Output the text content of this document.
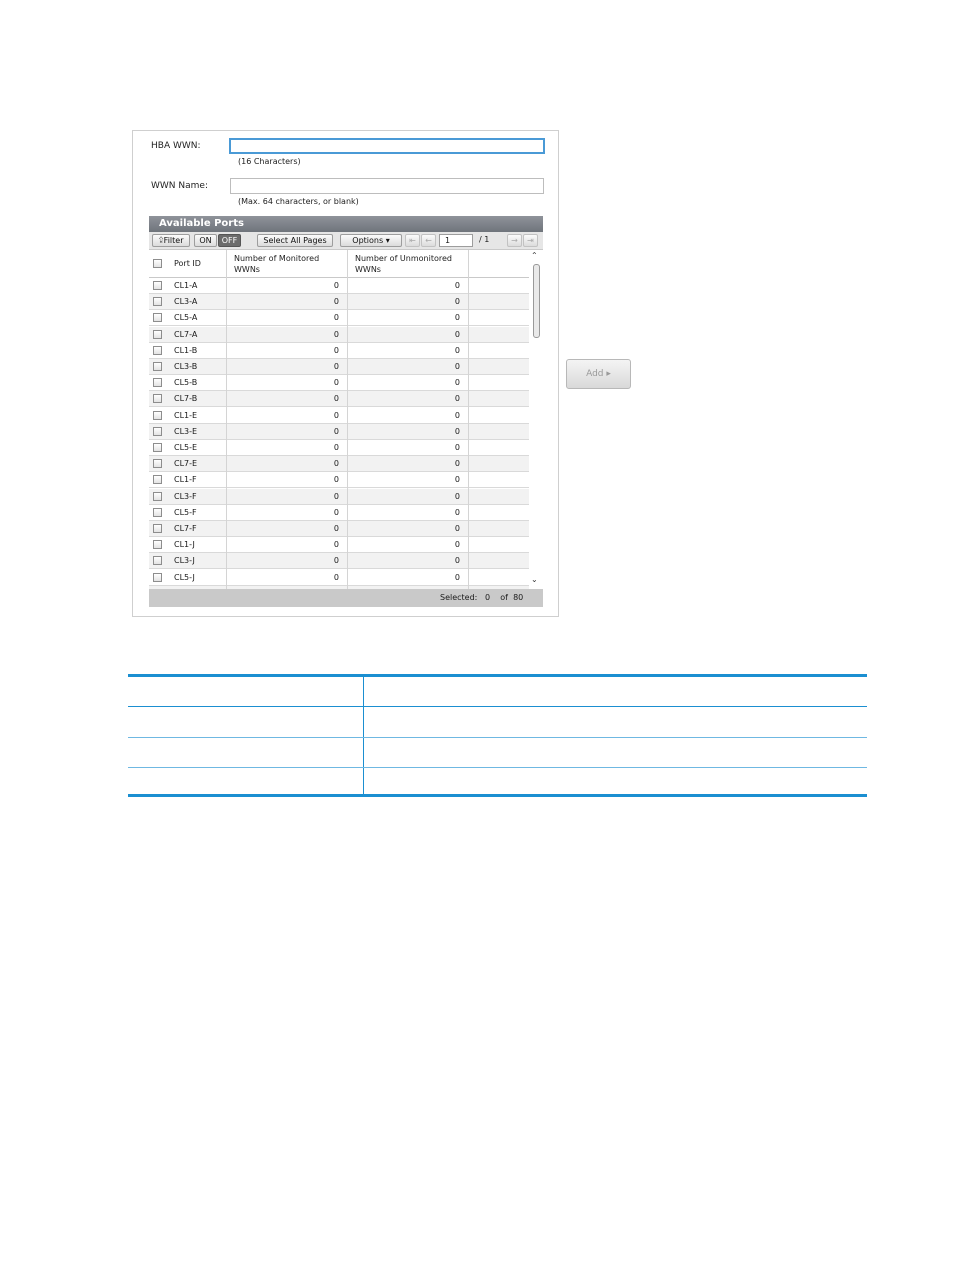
HBA WWN:
(16 Characters)
WWN Name:
(Max. 64 characters, or blank)
Available Ports
⮸Filter	ON	OFF	Select All Pages	Options ▾	⇤	←	1	/ 1	→	⇥
Port ID
Number of Monitored WWNs
Number of Unmonitored WWNs
CL1-A	0	0
CL3-A	0	0
CL5-A	0	0
CL7-A	0	0
CL1-B	0	0
CL3-B	0	0
CL5-B	0	0
CL7-B	0	0
CL1-E	0	0
CL3-E	0	0
CL5-E	0	0
CL7-E	0	0
CL1-F	0	0
CL3-F	0	0
CL5-F	0	0
CL7-F	0	0
CL1-J	0	0
CL3-J	0	0
CL5-J	0	0
⌃
⌄
Selected: 0 of 80
Add ▸
